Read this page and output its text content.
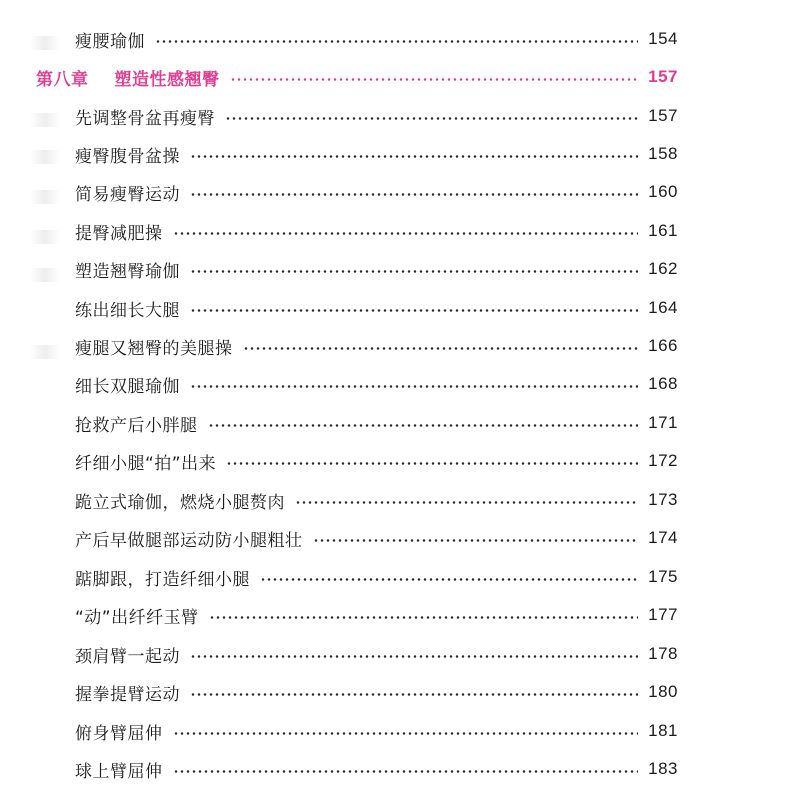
瘦腰瑜伽	154
第八章 塑造性感翘臀	157
先调整骨盆再瘦臀	157
瘦臀腹骨盆操	158
简易瘦臀运动	160
提臀减肥操	161
塑造翘臀瑜伽	162
练出细长大腿	164
瘦腿又翘臀的美腿操	166
细长双腿瑜伽	168
抢救产后小胖腿	171
纤细小腿“拍”出来	172
跪立式瑜伽，燃烧小腿赘肉	173
产后早做腿部运动防小腿粗壮	174
踮脚跟，打造纤细小腿	175
“动”出纤纤玉臂	177
颈肩臂一起动	178
握拳提臂运动	180
俯身臂屈伸	181
球上臂屈伸	183
